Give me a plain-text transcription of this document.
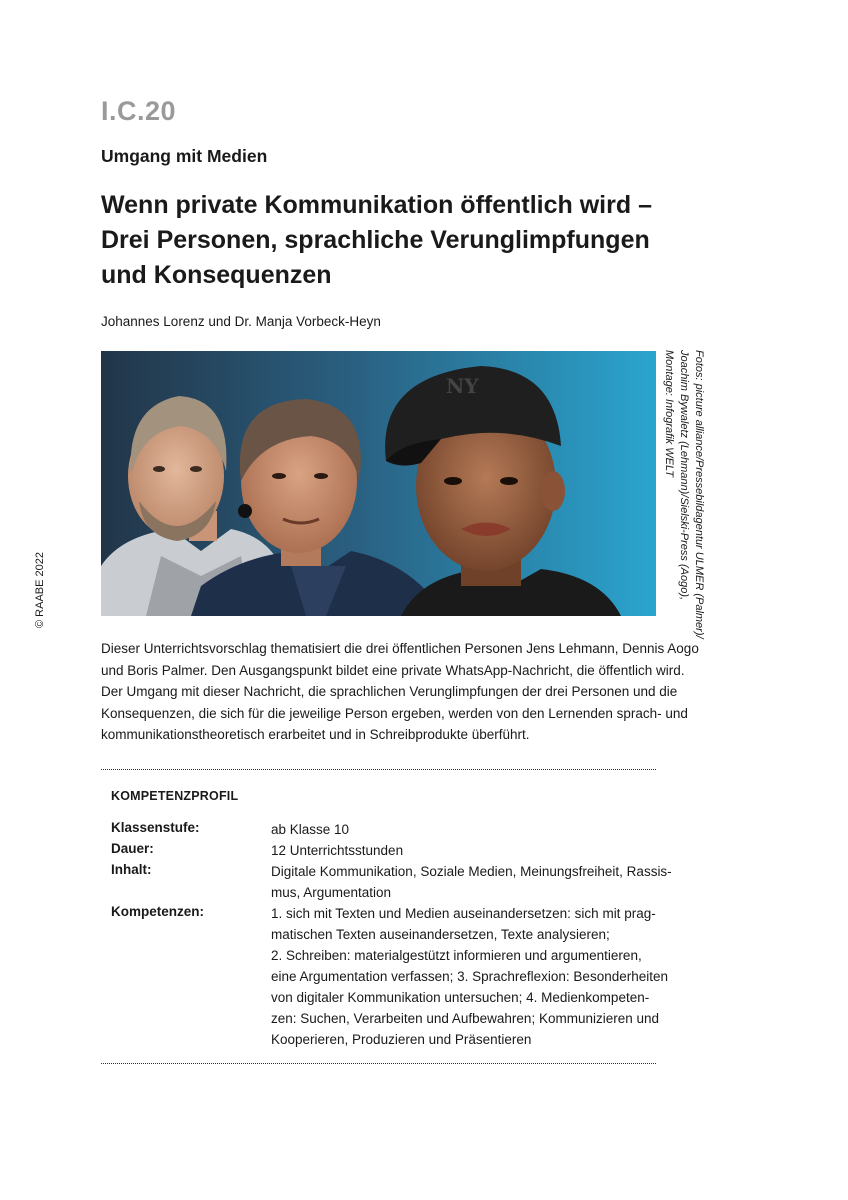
I.C.20
Umgang mit Medien
Wenn private Kommunikation öffentlich wird –
Drei Personen, sprachliche Verunglimpfungen
und Konsequenzen
Johannes Lorenz und Dr. Manja Vorbeck-Heyn
© RAABE 2022
NY	Fotos: picture alliance/Pressebildagentur ULMER (Palmer)/
Joachim Bywaletz (Lehmann)/Sielski-Press (Aogo),
Montage: Infografik WELT
Dieser Unterrichtsvorschlag thematisiert die drei öffentlichen Personen Jens Lehmann, Dennis Aogo
und Boris Palmer. Den Ausgangspunkt bildet eine private WhatsApp-Nachricht, die öffentlich wird.
Der Umgang mit dieser Nachricht, die sprachlichen Verunglimpfungen der drei Personen und die
Konsequenzen, die sich für die jeweilige Person ergeben, werden von den Lernenden sprach- und
kommunikationstheoretisch erarbeitet und in Schreibprodukte überführt.
KOMPETENZPROFIL
Klassenstufe:	ab Klasse 10
Dauer:	12 Unterrichtsstunden
Inhalt:	Digitale Kommunikation, Soziale Medien, Meinungsfreiheit, Rassis-
mus, Argumentation
Kompetenzen:	1. sich mit Texten und Medien auseinandersetzen: sich mit prag-
matischen Texten auseinandersetzen, Texte analysieren;
2. Schreiben: materialgestützt informieren und argumentieren,
eine Argumentation verfassen; 3. Sprachreflexion: Besonderheiten
von digitaler Kommunikation untersuchen; 4. Medienkompeten-
zen: Suchen, Verarbeiten und Aufbewahren; Kommunizieren und
Kooperieren, Produzieren und Präsentieren
